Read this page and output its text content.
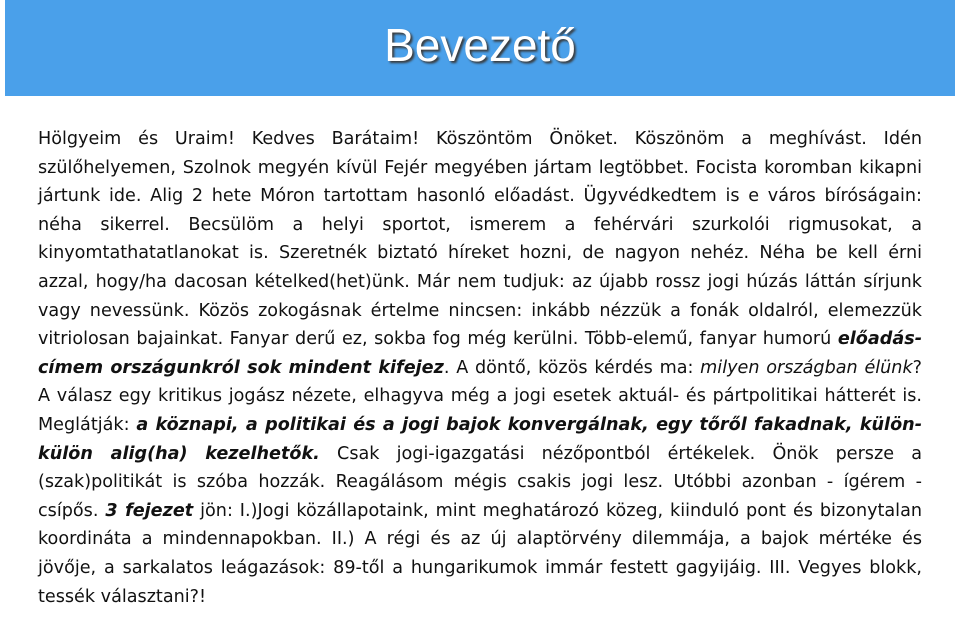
Bevezető

Hölgyeim és Uraim! Kedves Barátaim! Köszöntöm Önöket. Köszönöm a meghívást. Idén szülőhelyemen, Szolnok megyén kívül Fejér megyében jártam legtöbbet. Focista koromban kikapni jártunk ide. Alig 2 hete Móron tartottam hasonló előadást. Ügyvédkedtem is e város bíróságain: néha sikerrel. Becsülöm a helyi sportot, ismerem a fehérvári szurkolói rigmusokat, a kinyomtathatatlanokat is. Szeretnék biztató híreket hozni, de nagyon nehéz. Néha be kell érni azzal, hogy/ha dacosan kételked(het)ünk. Már nem tudjuk: az újabb rossz jogi húzás láttán sírjunk vagy nevessünk. Közös zokogásnak értelme nincsen: inkább nézzük a fonák oldalról, elemezzük vitriolosan bajainkat. Fanyar derű ez, sokba fog még kerülni. Több-elemű, fanyar humorú előadás-címem országunkról sok mindent kifejez. A döntő, közös kérdés ma: milyen országban élünk? A válasz egy kritikus jogász nézete, elhagyva még a jogi esetek aktuál- és pártpolitikai hátterét is. Meglátják: a köznapi, a politikai és a jogi bajok konvergálnak, egy tőről fakadnak, külön-külön alig(ha) kezelhetők. Csak jogi-igazgatási nézőpontból értékelek. Önök persze a (szak)politikát is szóba hozzák. Reagálásom mégis csakis jogi lesz. Utóbbi azonban - ígérem - csípős. 3 fejezet jön: I.)Jogi közállapotaink, mint meghatározó közeg, kiinduló pont és bizonytalan koordináta a mindennapokban. II.) A régi és az új alaptörvény dilemmája, a bajok mértéke és jövője, a sarkalatos leágazások: 89-től a hungarikumok immár festett gagyijáig. III. Vegyes blokk, tessék választani?!
